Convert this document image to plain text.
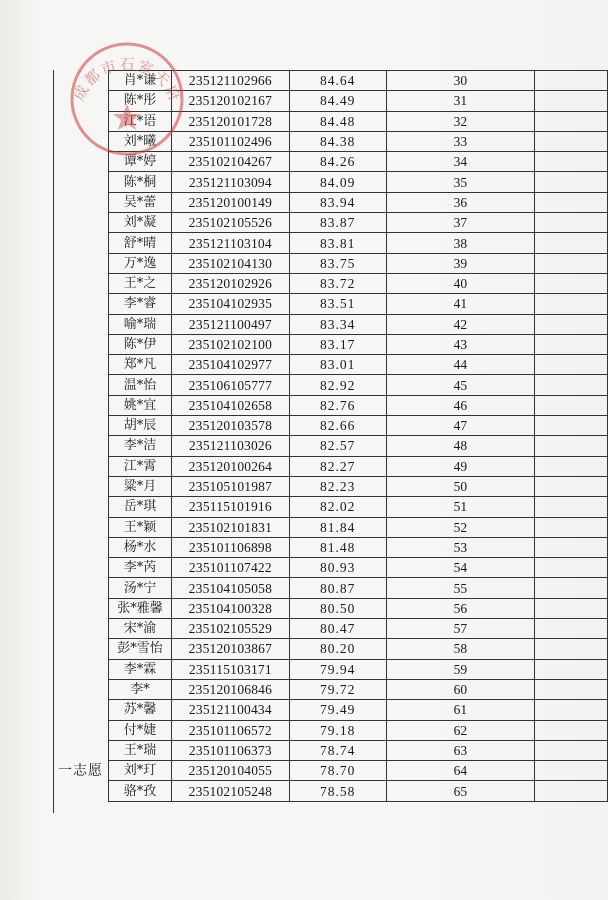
一志愿
肖*谦	235121102966	84.64	30	
陈*彤	235120102167	84.49	31	
江*语	235120101728	84.48	32	
刘*曦	235101102496	84.38	33	
谭*婷	235102104267	84.26	34	
陈*桐	235121103094	84.09	35	
吴*蕾	235120100149	83.94	36	
刘*凝	235102105526	83.87	37	
舒*晴	235121103104	83.81	38	
万*逸	235102104130	83.75	39	
王*之	235120102926	83.72	40	
李*睿	235104102935	83.51	41	
喻*瑞	235121100497	83.34	42	
陈*伊	235102102100	83.17	43	
郑*凡	235104102977	83.01	44	
温*怡	235106105777	82.92	45	
姚*宜	235104102658	82.76	46	
胡*辰	235120103578	82.66	47	
李*洁	235121103026	82.57	48	
江*霄	235120100264	82.27	49	
粱*月	235105101987	82.23	50	
岳*琪	235115101916	82.02	51	
王*颖	235102101831	81.84	52	
杨*水	235101106898	81.48	53	
李*芮	235101107422	80.93	54	
汤*宁	235104105058	80.87	55	
张*雅馨	235104100328	80.50	56	
宋*渝	235102105529	80.47	57	
彭*雪怡	235120103867	80.20	58	
李*霖	235115103171	79.94	59	
李*	235120106846	79.72	60	
苏*馨	235121100434	79.49	61	
付*婕	235101106572	79.18	62	
王*瑞	235101106373	78.74	63	
刘*玎	235120104055	78.70	64	
骆*孜	235102105248	78.58	65	
成都市石室天府
